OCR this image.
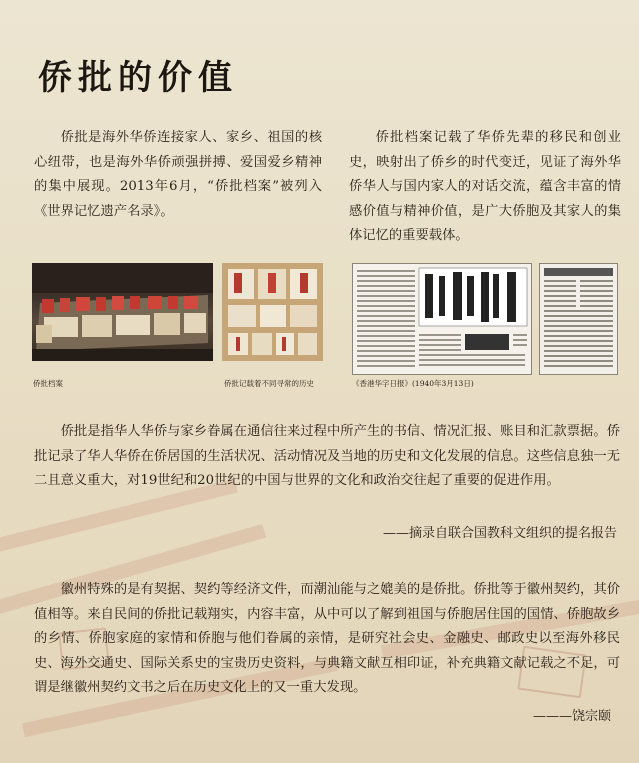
侨批的价值
侨批是海外华侨连接家人、家乡、祖国的核心纽带，也是海外华侨顽强拼搏、爱国爱乡精神的集中展现。2013年6月，“侨批档案”被列入《世界记忆遗产名录》。
侨批档案记载了华侨先辈的移民和创业史，映射出了侨乡的时代变迁，见证了海外华侨华人与国内家人的对话交流，蕴含丰富的情感价值与精神价值，是广大侨胞及其家人的集体记忆的重要载体。
侨批档案	侨批记载着不同寻常的历史	《香港华字日报》(1940年3月13日)
侨批是指华人华侨与家乡眷属在通信往来过程中所产生的书信、情况汇报、账目和汇款票据。侨批记录了华人华侨在侨居国的生活状况、活动情况及当地的历史和文化发展的信息。这些信息独一无二且意义重大，对19世纪和20世纪的中国与世界的文化和政治交往起了重要的促进作用。
——摘录自联合国教科文组织的提名报告
徽州特殊的是有契据、契约等经济文件，而潮汕能与之媲美的是侨批。侨批等于徽州契约，其价值相等。来自民间的侨批记载翔实，内容丰富，从中可以了解到祖国与侨胞居住国的国情、侨胞故乡的乡情、侨胞家庭的家情和侨胞与他们眷属的亲情，是研究社会史、金融史、邮政史以至海外移民史、海外交通史、国际关系史的宝贵历史资料，与典籍文献互相印证，补充典籍文献记载之不足，可谓是继徽州契约文书之后在历史文化上的又一重大发现。
———饶宗颐
